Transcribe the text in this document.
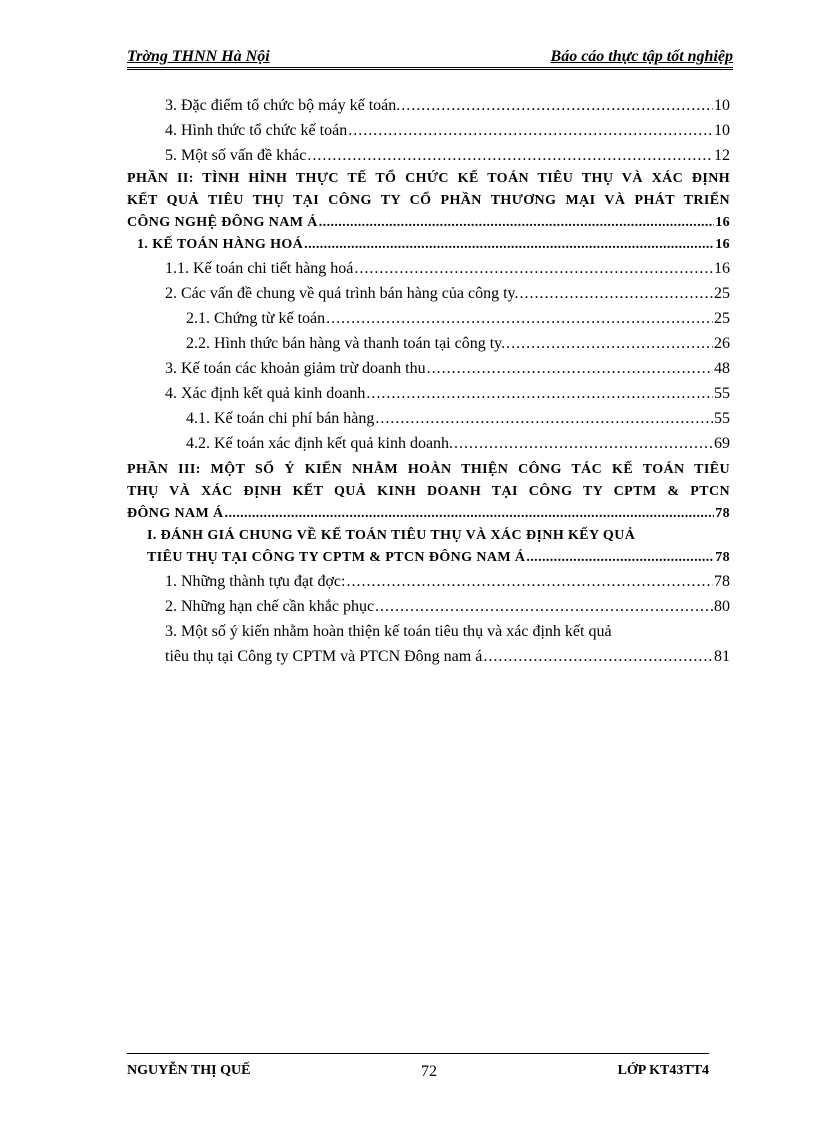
Trờng THNN Hà Nội	Báo cáo thực tập tốt nghiệp
3. Đặc điểm tổ chức bộ máy kế toán. .....	10
4. Hình thức tổ chức kế toán .....	10
5. Một số vấn đề khác .....	12
PHẦN II: TÌNH HÌNH THỰC TẾ TỔ CHỨC KẾ TOÁN TIÊU THỤ VÀ XÁC ĐỊNH
KẾT QUẢ TIÊU THỤ TẠI CÔNG TY CỔ PHẦN THƯƠNG MẠI VÀ PHÁT TRIỂN
CÔNG NGHỆ ĐÔNG NAM Á .....	16
1. KẾ TOÁN HÀNG HOÁ .....	16
1.1. Kế toán chi tiết hàng hoá .....	16
2. Các vấn đề chung về quá trình bán hàng của công ty. .....	25
2.1. Chứng từ kế toán .....	25
2.2. Hình thức bán hàng và thanh toán tại công ty. .....	26
3. Kế toán các khoản giảm trừ doanh thu .....	48
4. Xác định kết quả kinh doanh .....	55
4.1. Kế toán chi phí bán hàng .....	55
4.2. Kế toán xác định kết quả kinh doanh. .....	69
PHẦN III: MỘT SỐ Ý KIẾN NHẰM HOÀN THIỆN CÔNG TÁC KẾ TOÁN TIÊU
THỤ VÀ XÁC ĐỊNH KẾT QUẢ KINH DOANH TẠI CÔNG TY CPTM & PTCN
ĐÔNG NAM Á .....	78
I. ĐÁNH GIÁ CHUNG VỀ KẾ TOÁN TIÊU THỤ VÀ XÁC ĐỊNH KẾY QUẢ
TIÊU THỤ TẠI CÔNG TY CPTM & PTCN ĐÔNG NAM Á .....	78
1. Những thành tựu đạt đợc: .....	78
2. Những hạn chế cần khắc phục .....	80
3. Một số ý kiến nhằm hoàn thiện kế toán tiêu thụ và xác định kết quả
tiêu thụ tại Công ty CPTM và PTCN Đông nam á .....	81
NGUYỄN THỊ QUẾ	72	LỚP KT43TT4
